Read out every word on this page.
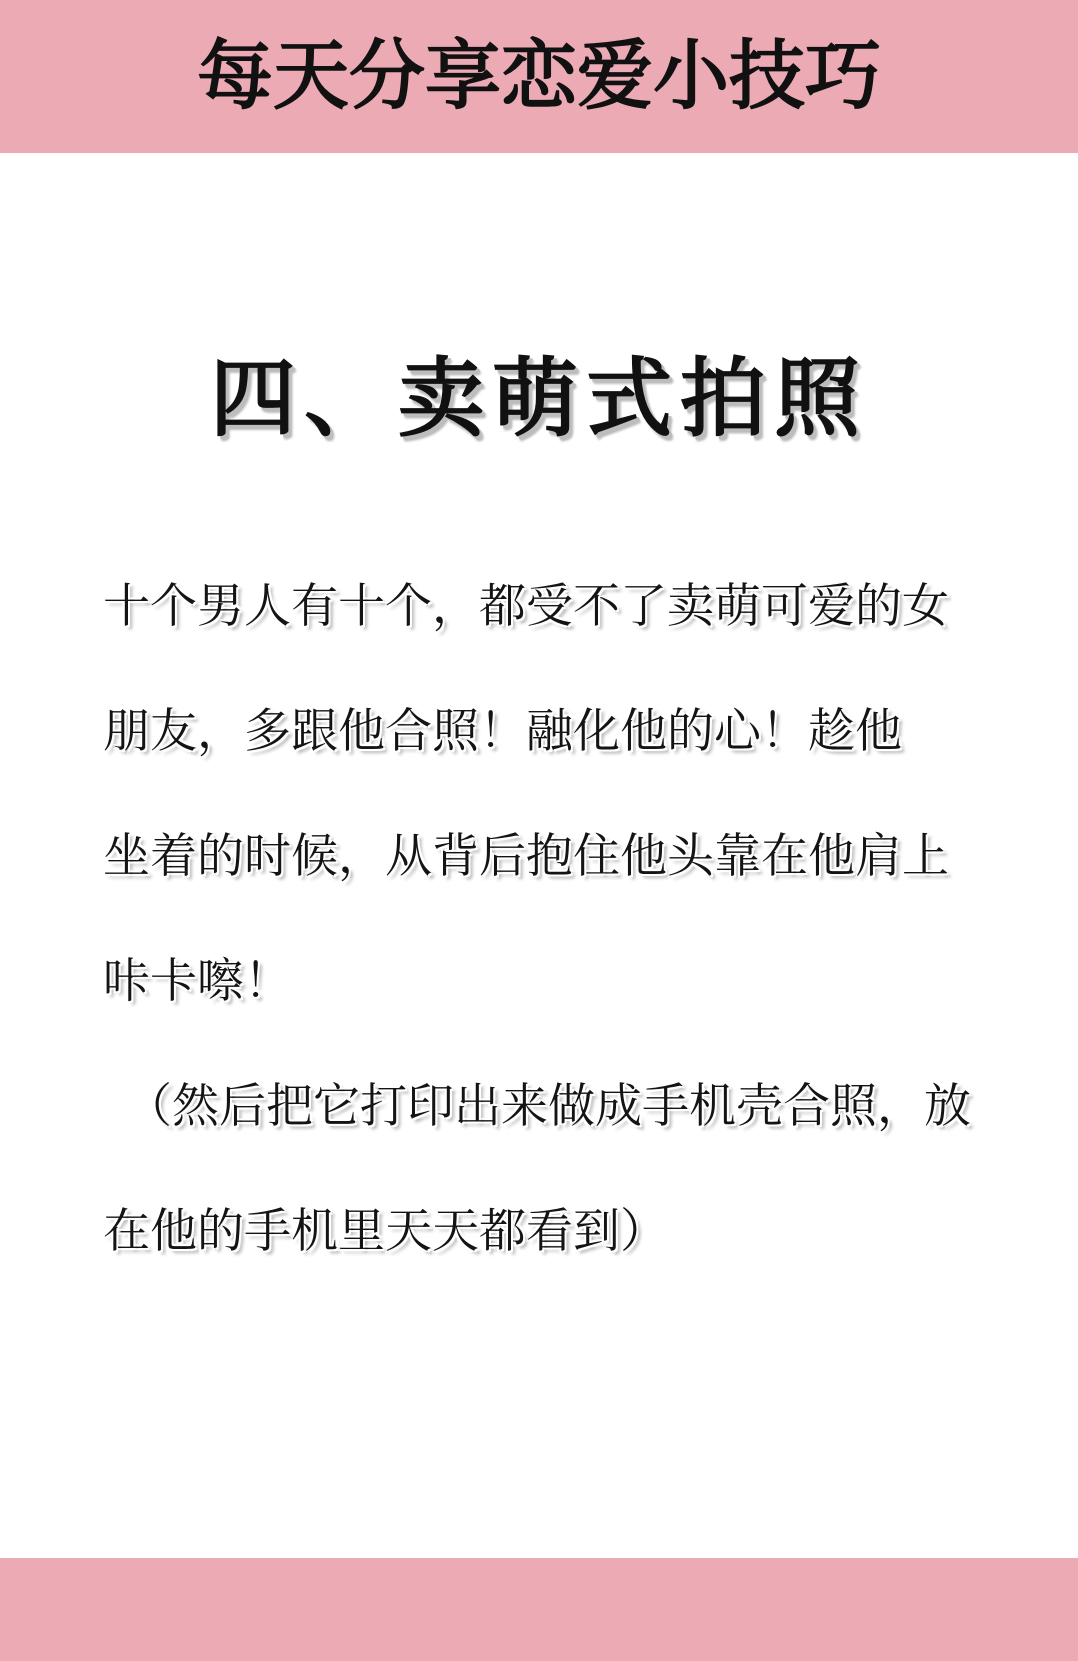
每天分享恋爱小技巧
四、卖萌式拍照
十个男人有十个，都受不了卖萌可爱的女
朋友，多跟他合照！融化他的心！趁他
坐着的时候，从背后抱住他头靠在他肩上
咔卡嚓！
（然后把它打印出来做成手机壳合照，放
在他的手机里天天都看到）
